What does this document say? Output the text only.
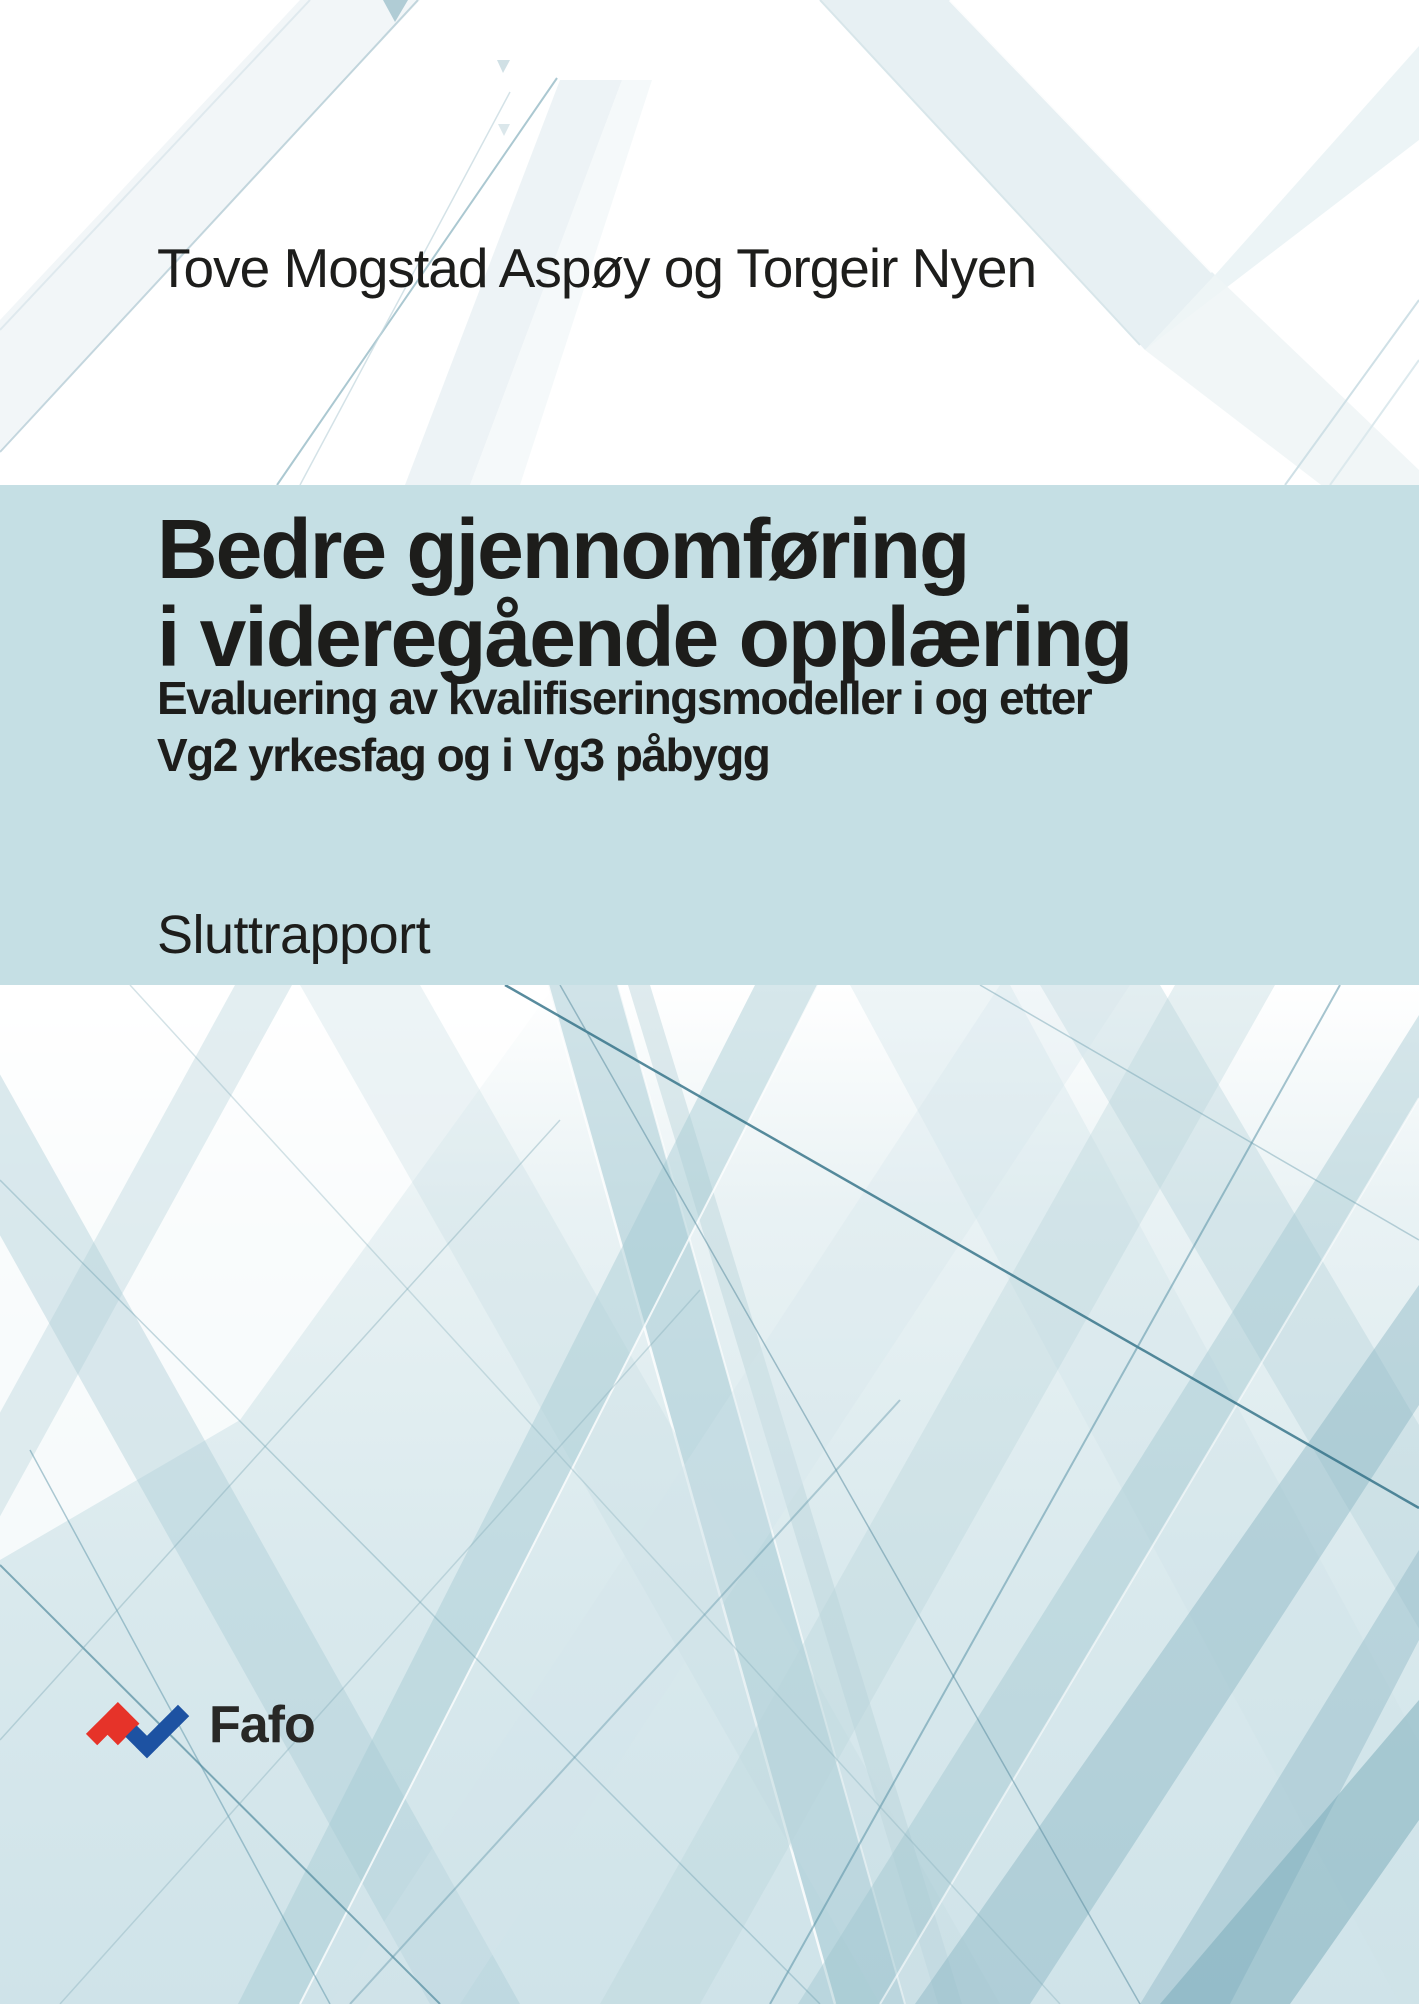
Tove Mogstad Aspøy og Torgeir Nyen
Bedre gjennomføring
i videregående opplæring
Evaluering av kvalifiseringsmodeller i og etter
Vg2 yrkesfag og i Vg3 påbygg
Sluttrapport
Fafo
